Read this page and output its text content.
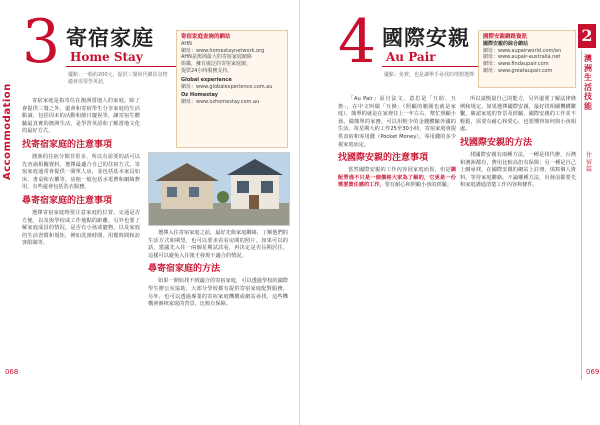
Accommodation
068
3 寄宿家庭
Home Stay
優點：一般約200元，提供三餐和代購買食物
適會需要學英語，
寄宿家庭查詢的網站
AHN
網址：www.homestaynetwork.org
AHN是澳洲最大的寄宿家庭網絡
組織，擁有廣泛的寄宿家庭網，
提供24小時服務支持。
Global experience
網址：www.globalexperience.com.au
Oz Homestay
網址：www.ozhomestay.com.au

寄宿家庭是指寄住在澳洲當地人的家庭，除了會提供三餐之外，還會和寄宿學生分享家庭的生活點滴，包括周末的活動和節日慶祝等，讓寄宿生體驗最真實的澳洲生活，是學習英語和了解當地文化的最好方式。

找寄宿家庭的注意事項

澳洲的住宿分類非常多，所以有需要的話可以先查詢相關資料，選擇最適合自己的住宿方式。寄宿家庭通常會提供一間單人房，並包括基本家具如床、書桌和衣櫃等，房租一般包括水電費和網絡費用，有些還會包括洗衣服務。

尋寄宿家庭的注意事項

選擇寄宿家庭時要注意家庭的位置、交通是否方便，以及與學校或工作地點的距離。另外也要了解家庭成員的情況，是否有小孩或寵物，以及家庭的生活習慣和規矩，例如洗澡時間、用餐時間和訪客限制等。

選擇入住寄宿家庭之前，最好先與家庭聯絡，了解他們的生活方式和期望，也可以要求看看房間的照片。如果可以的話，建議先入住一兩個星期試試看，再決定是否長期居住，這樣可以避免入住後才發現不適合的情況。

尋寄宿家庭的方法

如果一開始找不到適合的寄宿家庭，可以透過學校的國際學生辦公室協助，大部分學校都有提供寄宿家庭配對服務。另外，也可以透過專業的寄宿家庭機構或網站尋找，這些機構會審核家庭的背景，比較有保障。

4 國際安親
Au Pair
優點：免費，也是讓舉手尋找的理想選擇
國際安親網路資訊
國際安親的綜合網站
網址：www.aupairworld.com/en
網址：www.aupair-australia.net
網址：www.findaupair.com
網址：www.greataupair.com
2
澳
洲
生
活
技
能
住
宿
篇
069

「Au Pair」原自法文，意思是「互助、互惠」，在中文叫做「互換」（照顧的範圍也就是家庭），簡單的就是在家裡住上一年左右，幫忙照顧小孩、做簡單的家務，可以用較少的金錢體驗外國的生活。每星期大約工作25至30小時，寄宿家庭會提供食宿和零用錢（Pocket Money），零用錢的多少視家庭而定。

找國際安親的注意事項

當然國際安親的工作內容因家庭而異，但是調配勞逸不只是一個價格大家為了解的，它更是一份需要責任感的工作，要有耐心和照顧小孩的經驗。

所以請衡量自己的能力，另外還要了解法律條例和規定，如果選擇國際安親，最好找相關機構聯繫，確認家庭的背景及經驗。國際安親的工作並不輕鬆，需要有耐心和愛心，也要懂得如何與小孩相處。

找國際安親的方法

找國際安親有兩種方法，一種是找代辦，台灣和澳洲都有，費用比較高但有保障；另一種是自己上網尋找，在國際安親的網站上註冊，填寫個人資料，等待家庭聯絡。不論哪種方法，出發前都要先和家庭溝通清楚工作內容和條件。
